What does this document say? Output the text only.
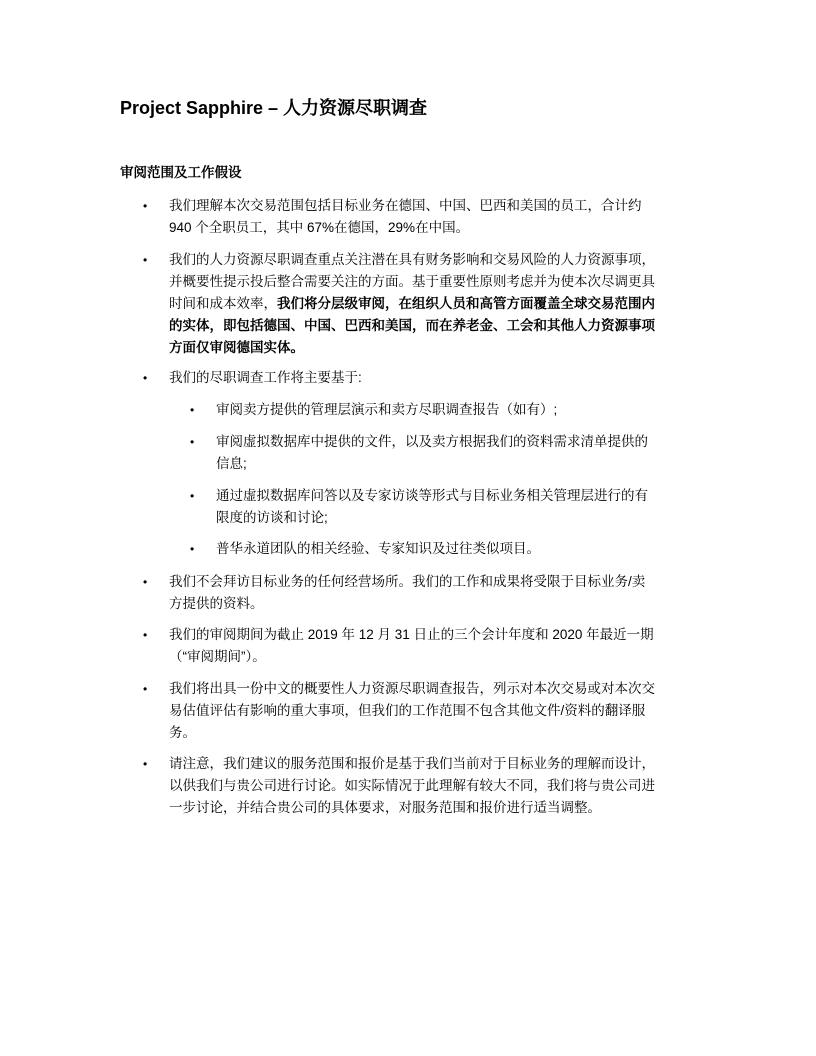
Project Sapphire – 人力资源尽职调查
审阅范围及工作假设
• 我们理解本次交易范围包括目标业务在德国、中国、巴西和美国的员工，合计约
940 个全职员工，其中 67%在德国，29%在中国。
• 我们的人力资源尽职调查重点关注潜在具有财务影响和交易风险的人力资源事项，
并概要性提示投后整合需要关注的方面。基于重要性原则考虑并为使本次尽调更具
时间和成本效率，我们将分层级审阅，在组织人员和高管方面覆盖全球交易范围内
的实体，即包括德国、中国、巴西和美国，而在养老金、工会和其他人力资源事项
方面仅审阅德国实体。
• 我们的尽职调查工作将主要基于:
• 审阅卖方提供的管理层演示和卖方尽职调查报告（如有）;
• 审阅虚拟数据库中提供的文件，以及卖方根据我们的资料需求清单提供的
信息;
• 通过虚拟数据库问答以及专家访谈等形式与目标业务相关管理层进行的有
限度的访谈和讨论;
• 普华永道团队的相关经验、专家知识及过往类似项目。
• 我们不会拜访目标业务的任何经营场所。我们的工作和成果将受限于目标业务/卖
方提供的资料。
• 我们的审阅期间为截止 2019 年 12 月 31 日止的三个会计年度和 2020 年最近一期
（“审阅期间”）。
• 我们将出具一份中文的概要性人力资源尽职调查报告，列示对本次交易或对本次交
易估值评估有影响的重大事项，但我们的工作范围不包含其他文件/资料的翻译服
务。
• 请注意，我们建议的服务范围和报价是基于我们当前对于目标业务的理解而设计，
以供我们与贵公司进行讨论。如实际情况于此理解有较大不同，我们将与贵公司进
一步讨论，并结合贵公司的具体要求，对服务范围和报价进行适当调整。
